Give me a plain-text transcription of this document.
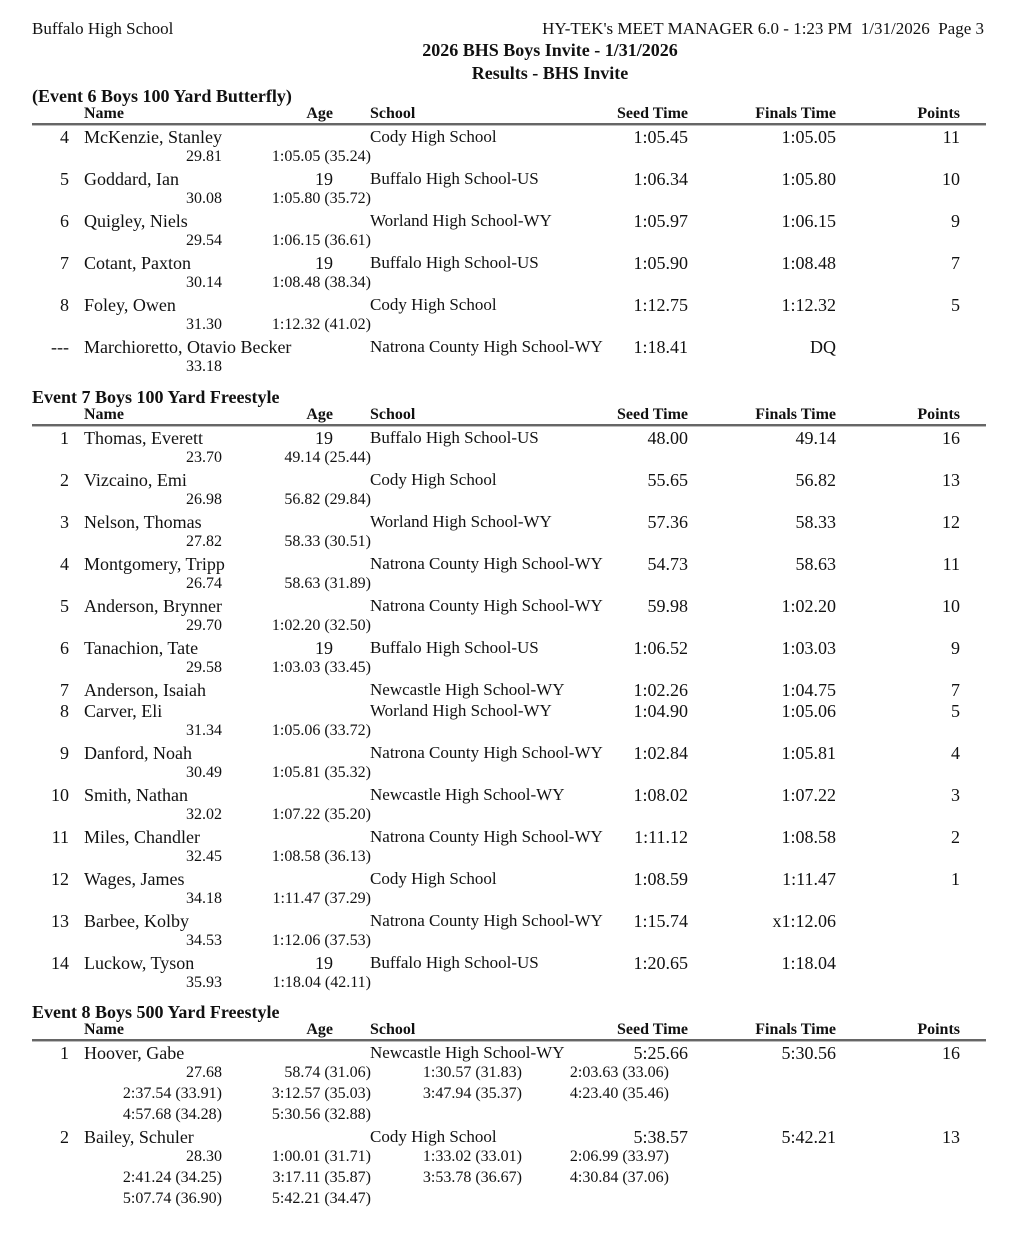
Buffalo High School	HY-TEK's MEET MANAGER 6.0 - 1:23 PM  1/31/2026  Page 3
2026 BHS Boys Invite - 1/31/2026
Results - BHS Invite
(Event 6 Boys 100 Yard Butterfly)
Name	Age School	Seed Time	Finals Time	Points
4 McKenzie, Stanley	Cody High School	1:05.45	1:05.05	11
29.81	1:05.05 (35.24)
5 Goddard, Ian	19 Buffalo High School-US	1:06.34	1:05.80	10
30.08	1:05.80 (35.72)
6 Quigley, Niels	Worland High School-WY	1:05.97	1:06.15	9
29.54	1:06.15 (36.61)
7 Cotant, Paxton	19 Buffalo High School-US	1:05.90	1:08.48	7
30.14	1:08.48 (38.34)
8 Foley, Owen	Cody High School	1:12.75	1:12.32	5
31.30	1:12.32 (41.02)
--- Marchioretto, Otavio Becker	Natrona County High School-WY 1:18.41	DQ
33.18
Event 7 Boys 100 Yard Freestyle
Name	Age School	Seed Time	Finals Time	Points
1 Thomas, Everett	19 Buffalo High School-US	48.00	49.14	16
23.70	49.14 (25.44)
2 Vizcaino, Emi	Cody High School	55.65	56.82	13
26.98	56.82 (29.84)
3 Nelson, Thomas	Worland High School-WY	57.36	58.33	12
27.82	58.33 (30.51)
4 Montgomery, Tripp	Natrona County High School-WY 54.73	58.63	11
26.74	58.63 (31.89)
5 Anderson, Brynner	Natrona County High School-WY 59.98	1:02.20	10
29.70	1:02.20 (32.50)
6 Tanachion, Tate	19 Buffalo High School-US	1:06.52	1:03.03	9
29.58	1:03.03 (33.45)
7 Anderson, Isaiah	Newcastle High School-WY	1:02.26	1:04.75	7
8 Carver, Eli	Worland High School-WY	1:04.90	1:05.06	5
31.34	1:05.06 (33.72)
9 Danford, Noah	Natrona County High School-WY 1:02.84	1:05.81	4
30.49	1:05.81 (35.32)
10 Smith, Nathan	Newcastle High School-WY	1:08.02	1:07.22	3
32.02	1:07.22 (35.20)
11 Miles, Chandler	Natrona County High School-WY 1:11.12	1:08.58	2
32.45	1:08.58 (36.13)
12 Wages, James	Cody High School	1:08.59	1:11.47	1
34.18	1:11.47 (37.29)
13 Barbee, Kolby	Natrona County High School-WY 1:15.74	x1:12.06
34.53	1:12.06 (37.53)
14 Luckow, Tyson	19 Buffalo High School-US	1:20.65	1:18.04
35.93	1:18.04 (42.11)
Event 8 Boys 500 Yard Freestyle
Name	Age School	Seed Time	Finals Time	Points
1 Hoover, Gabe	Newcastle High School-WY	5:25.66	5:30.56	16
27.68	58.74 (31.06)	1:30.57 (31.83)	2:03.63 (33.06)
2:37.54 (33.91)	3:12.57 (35.03)	3:47.94 (35.37)	4:23.40 (35.46)
4:57.68 (34.28)	5:30.56 (32.88)
2 Bailey, Schuler	Cody High School	5:38.57	5:42.21	13
28.30	1:00.01 (31.71)	1:33.02 (33.01)	2:06.99 (33.97)
2:41.24 (34.25)	3:17.11 (35.87)	3:53.78 (36.67)	4:30.84 (37.06)
5:07.74 (36.90)	5:42.21 (34.47)
